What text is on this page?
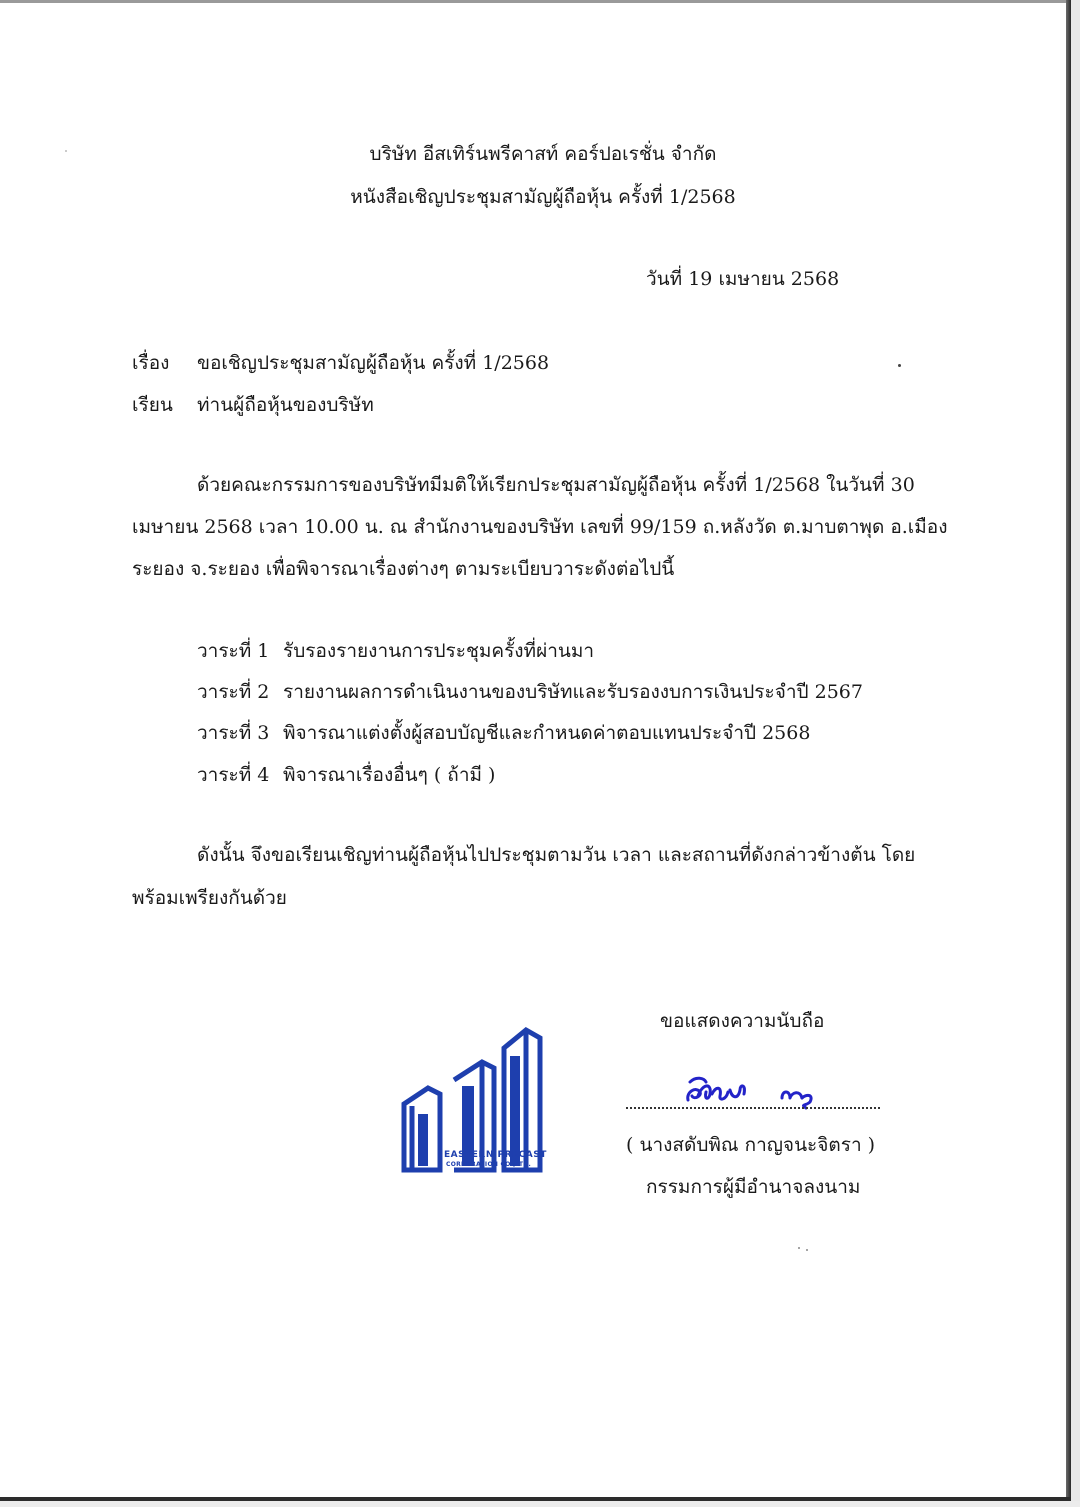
บริษัท อีสเทิร์นพรีคาสท์ คอร์ปอเรชั่น จำกัด
หนังสือเชิญประชุมสามัญผู้ถือหุ้น ครั้งที่ 1/2568
วันที่ 19 เมษายน 2568
เรื่อง ขอเชิญประชุมสามัญผู้ถือหุ้น ครั้งที่ 1/2568
เรียน ท่านผู้ถือหุ้นของบริษัท
ด้วยคณะกรรมการของบริษัทมีมติให้เรียกประชุมสามัญผู้ถือหุ้น ครั้งที่ 1/2568 ในวันที่ 30
เมษายน 2568 เวลา 10.00 น. ณ สำนักงานของบริษัท เลขที่ 99/159 ถ.หลังวัด ต.มาบตาพุด อ.เมือง
ระยอง จ.ระยอง เพื่อพิจารณาเรื่องต่างๆ ตามระเบียบวาระดังต่อไปนี้
วาระที่ 1 รับรองรายงานการประชุมครั้งที่ผ่านมา
วาระที่ 2 รายงานผลการดำเนินงานของบริษัทและรับรองงบการเงินประจำปี 2567
วาระที่ 3 พิจารณาแต่งตั้งผู้สอบบัญชีและกำหนดค่าตอบแทนประจำปี 2568
วาระที่ 4 พิจารณาเรื่องอื่นๆ ( ถ้ามี )
ดังนั้น จึงขอเรียนเชิญท่านผู้ถือหุ้นไปประชุมตามวัน เวลา และสถานที่ดังกล่าวข้างต้น โดย
พร้อมเพรียงกันด้วย
ขอแสดงความนับถือ
( นางสดับพิณ กาญจนะจิตรา )
กรรมการผู้มีอำนาจลงนาม
EASTERN PRECAST
CORPORATION CO.,LTD.
